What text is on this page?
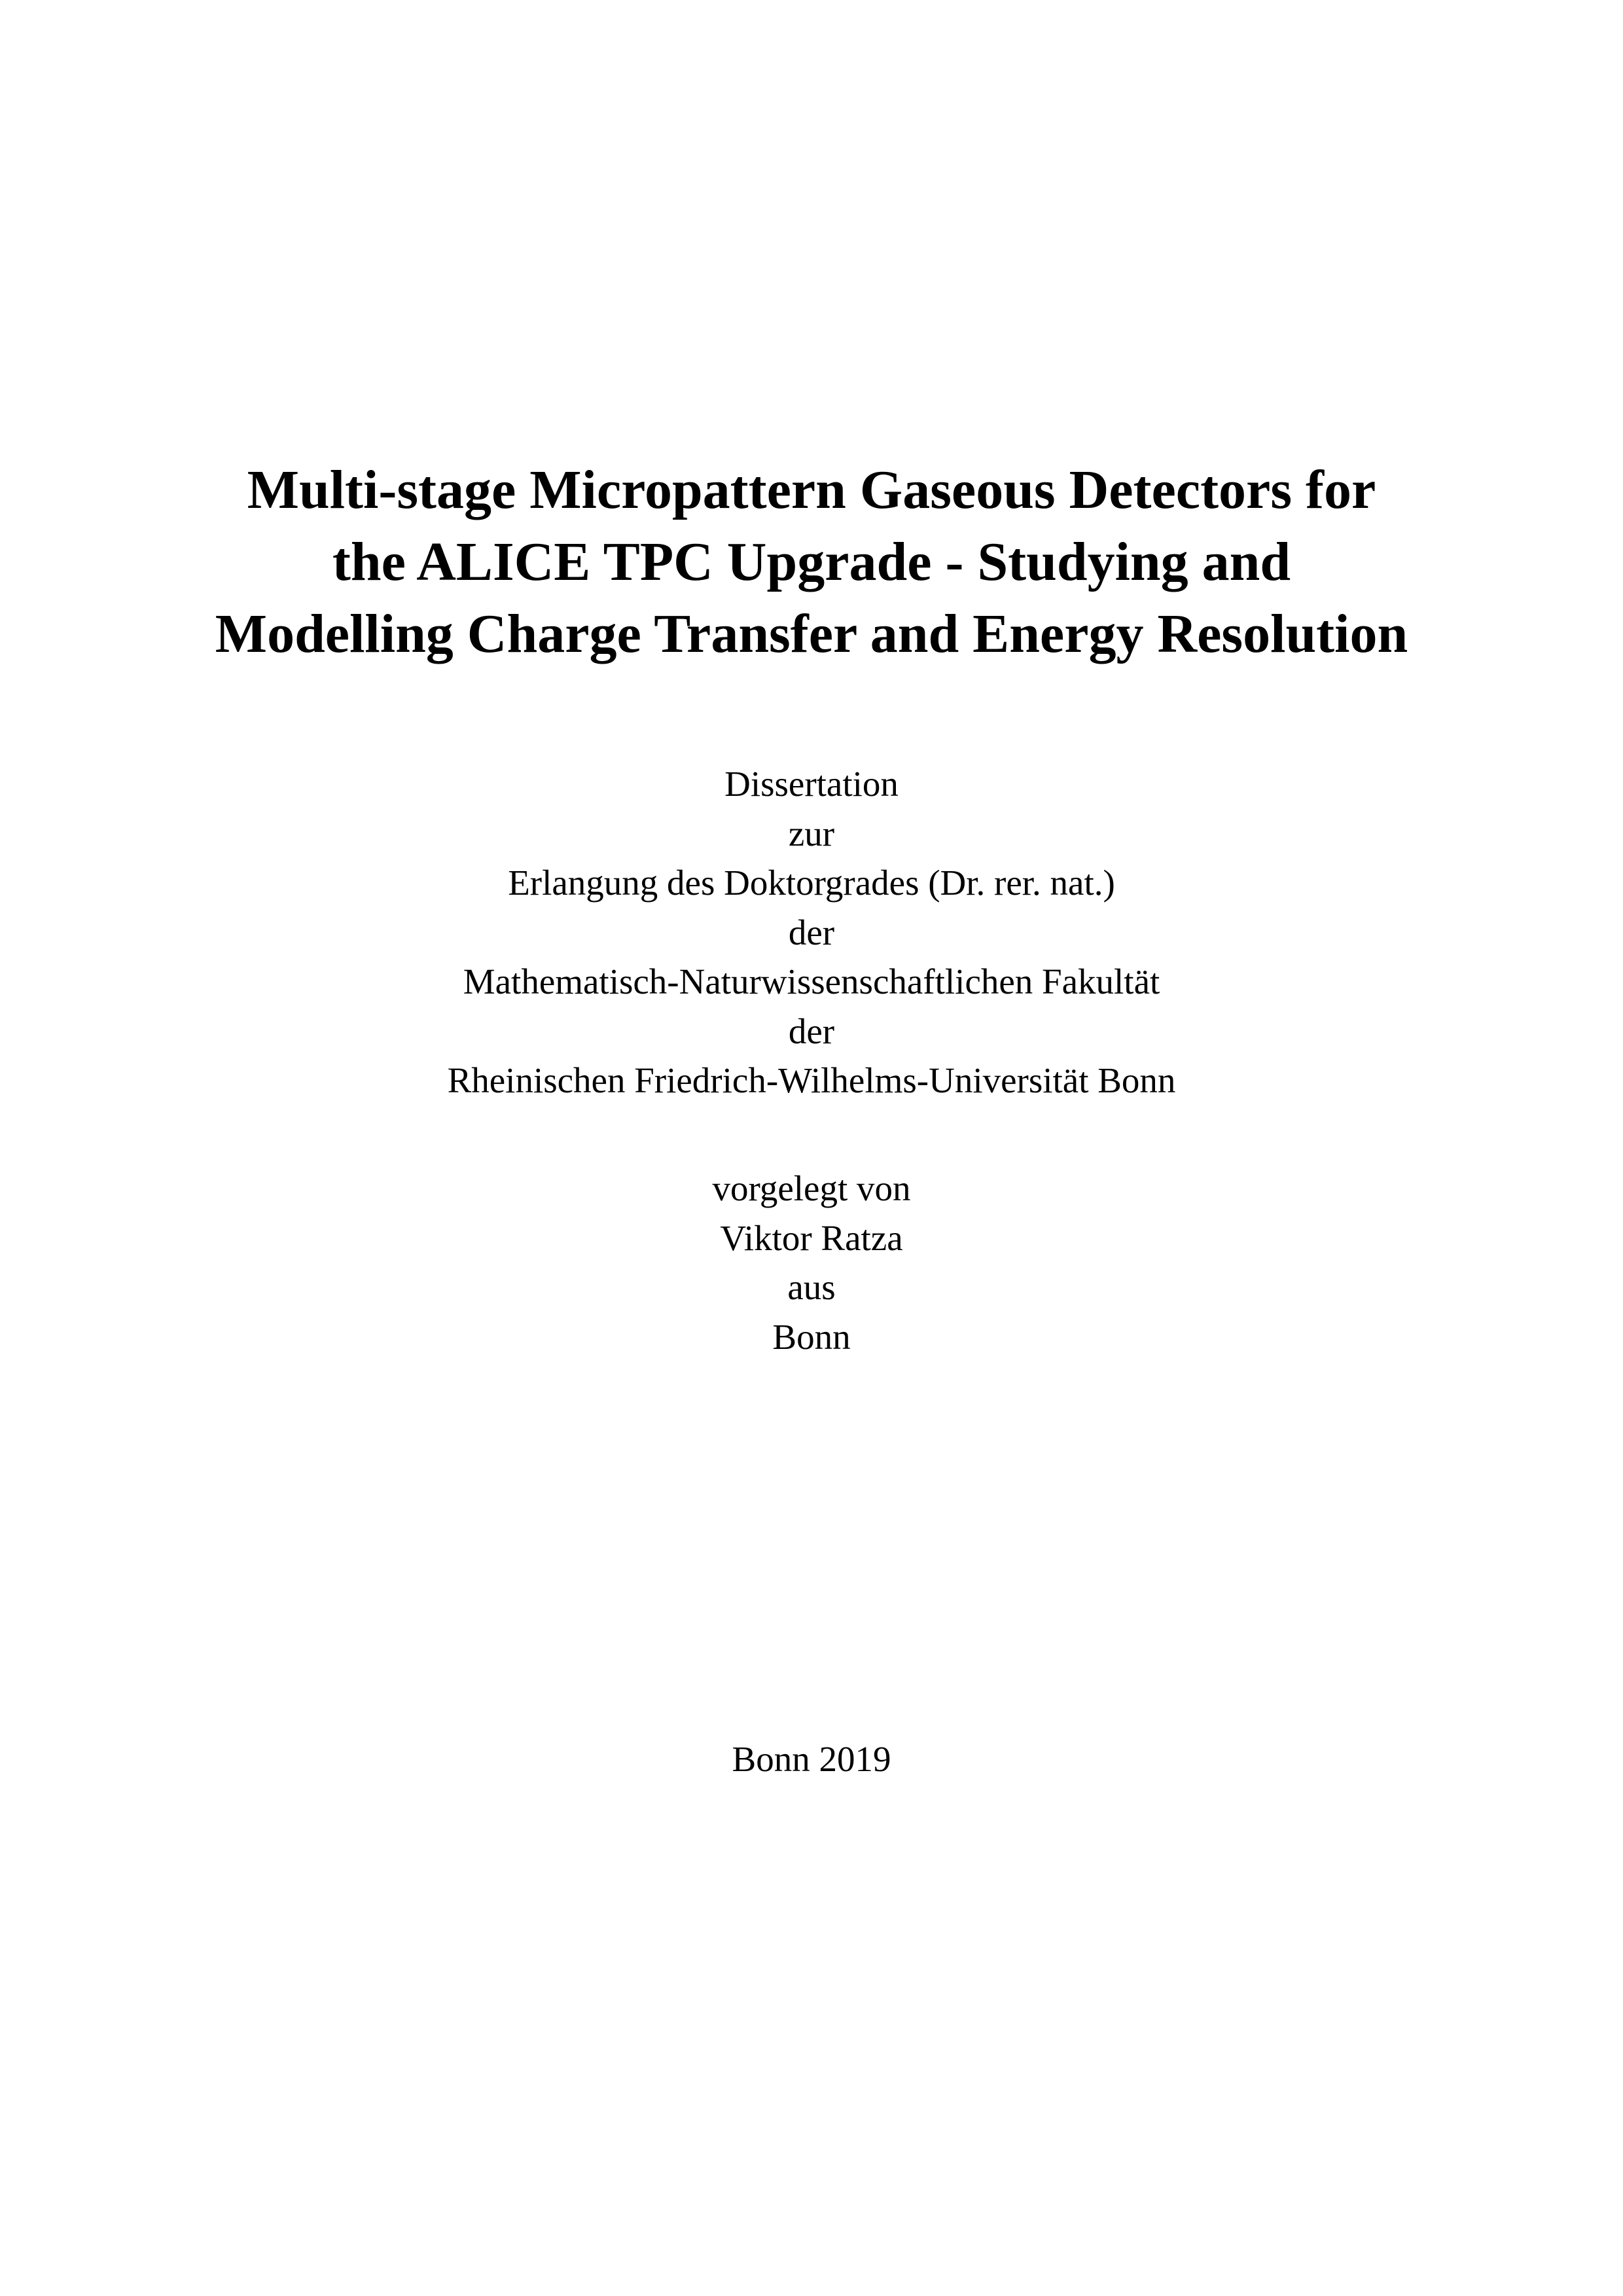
Multi-stage Micropattern Gaseous Detectors for
the ALICE TPC Upgrade - Studying and
Modelling Charge Transfer and Energy Resolution
Dissertation
zur
Erlangung des Doktorgrades (Dr. rer. nat.)
der
Mathematisch-Naturwissenschaftlichen Fakultät
der
Rheinischen Friedrich-Wilhelms-Universität Bonn
vorgelegt von
Viktor Ratza
aus
Bonn
Bonn 2019
